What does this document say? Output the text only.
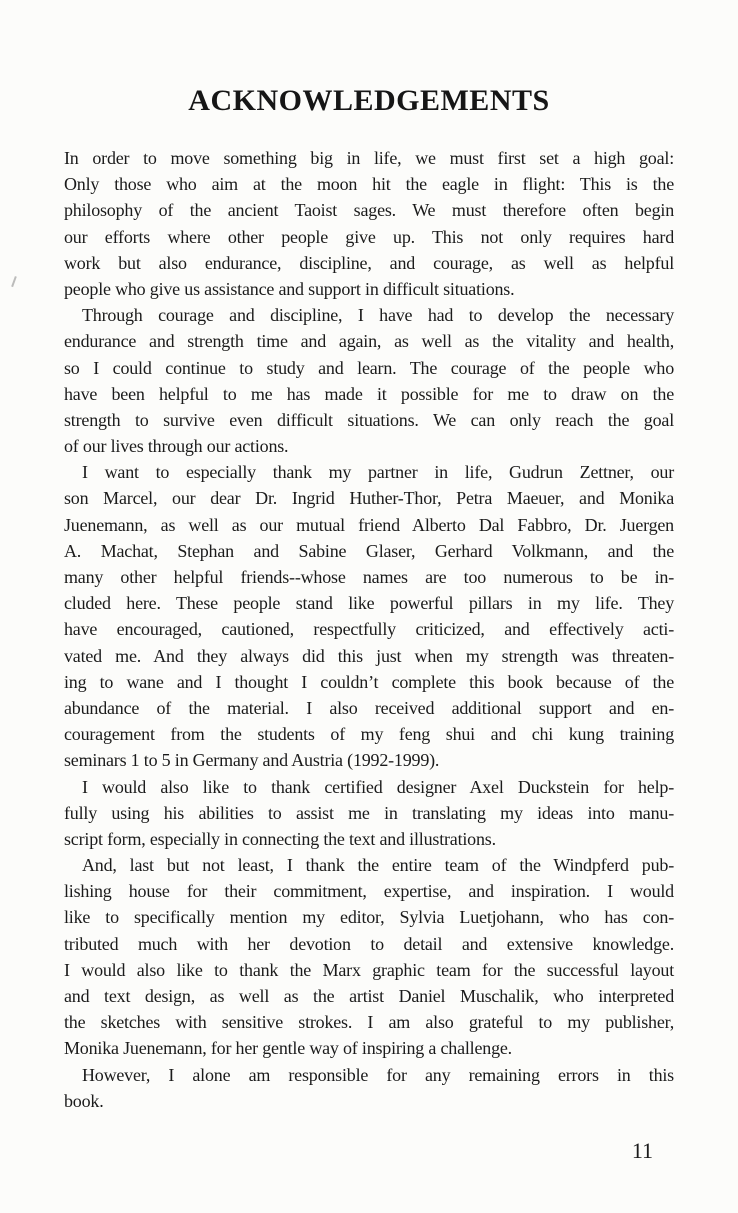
ACKNOWLEDGEMENTS
In order to move something big in life, we must first set a high goal:
Only those who aim at the moon hit the eagle in flight: This is the
philosophy of the ancient Taoist sages. We must therefore often begin
our efforts where other people give up. This not only requires hard
work but also endurance, discipline, and courage, as well as helpful
people who give us assistance and support in difficult situations.
Through courage and discipline, I have had to develop the necessary
endurance and strength time and again, as well as the vitality and health,
so I could continue to study and learn. The courage of the people who
have been helpful to me has made it possible for me to draw on the
strength to survive even difficult situations. We can only reach the goal
of our lives through our actions.
I want to especially thank my partner in life, Gudrun Zettner, our
son Marcel, our dear Dr. Ingrid Huther-Thor, Petra Maeuer, and Monika
Juenemann, as well as our mutual friend Alberto Dal Fabbro, Dr. Juergen
A. Machat, Stephan and Sabine Glaser, Gerhard Volkmann, and the
many other helpful friends--whose names are too numerous to be in-
cluded here. These people stand like powerful pillars in my life. They
have encouraged, cautioned, respectfully criticized, and effectively acti-
vated me. And they always did this just when my strength was threaten-
ing to wane and I thought I couldn’t complete this book because of the
abundance of the material. I also received additional support and en-
couragement from the students of my feng shui and chi kung training
seminars 1 to 5 in Germany and Austria (1992-1999).
I would also like to thank certified designer Axel Duckstein for help-
fully using his abilities to assist me in translating my ideas into manu-
script form, especially in connecting the text and illustrations.
And, last but not least, I thank the entire team of the Windpferd pub-
lishing house for their commitment, expertise, and inspiration. I would
like to specifically mention my editor, Sylvia Luetjohann, who has con-
tributed much with her devotion to detail and extensive knowledge.
I would also like to thank the Marx graphic team for the successful layout
and text design, as well as the artist Daniel Muschalik, who interpreted
the sketches with sensitive strokes. I am also grateful to my publisher,
Monika Juenemann, for her gentle way of inspiring a challenge.
However, I alone am responsible for any remaining errors in this
book.
11
